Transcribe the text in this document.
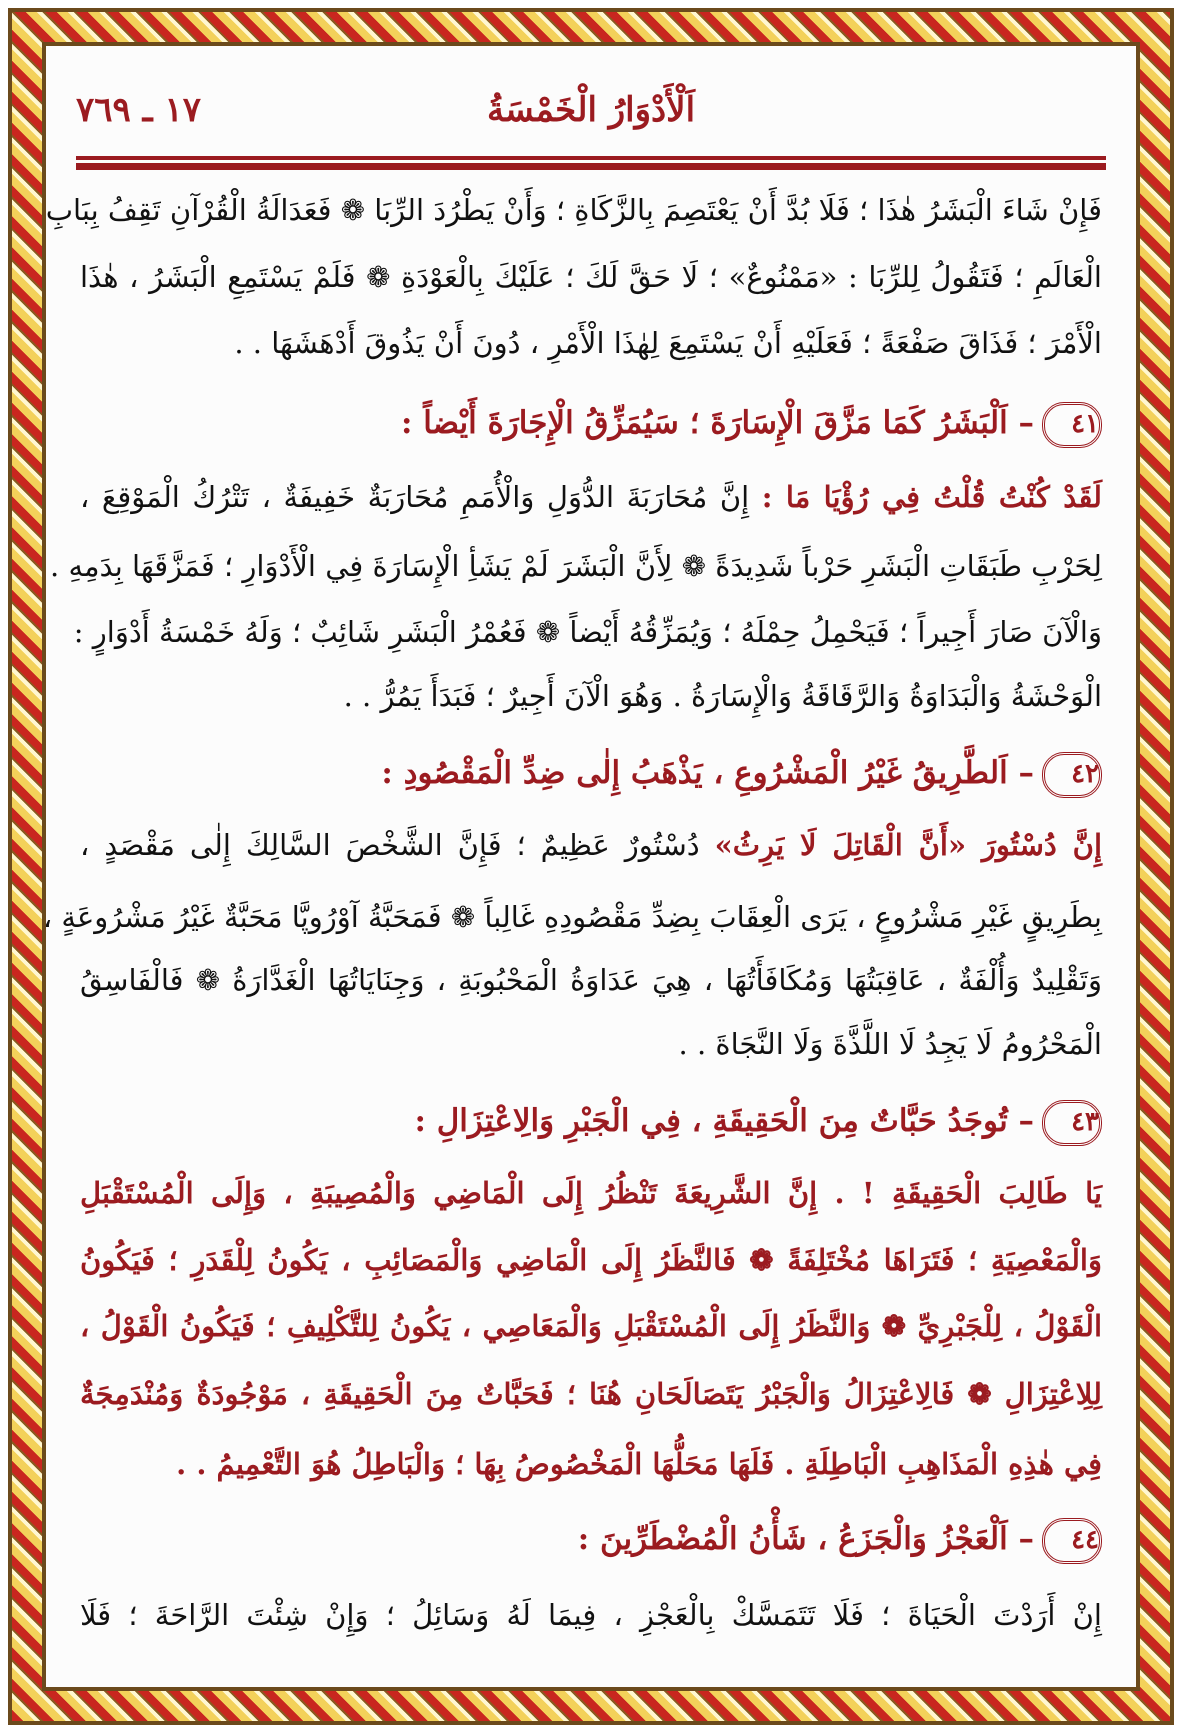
اَلْأَدْوَارُ الْخَمْسَةُ
١٧ ـ ٧٦٩
فَإِنْ شَاءَ الْبَشَرُ هٰذَا ؛ فَلَا بُدَّ أَنْ يَعْتَصِمَ بِالزَّكَاةِ ؛ وَأَنْ يَطْرُدَ الرِّبَا ❁ فَعَدَالَةُ الْقُرْآنِ تَقِفُ بِبَابِ
الْعَالَمِ ؛ فَتَقُولُ لِلرِّبَا : «مَمْنُوعٌ» ؛ لَا حَقَّ لَكَ ؛ عَلَيْكَ بِالْعَوْدَةِ ❁ فَلَمْ يَسْتَمِعِ الْبَشَرُ ، هٰذَا
الْأَمْرَ ؛ فَذَاقَ صَفْعَةً ؛ فَعَلَيْهِ أَنْ يَسْتَمِعَ لِهٰذَا الْأَمْرِ ، دُونَ أَنْ يَذُوقَ أَدْهَشَهَا . .
٤١– اَلْبَشَرُ كَمَا مَزَّقَ الْإِسَارَةَ ؛ سَيُمَزِّقُ الْإِجَارَةَ أَيْضاً :
لَقَدْ كُنْتُ قُلْتُ فِي رُؤْيَا مَا : إِنَّ مُحَارَبَةَ الدُّوَلِ وَالْأُمَمِ مُحَارَبَةٌ خَفِيفَةٌ ، تَتْرُكُ الْمَوْقِعَ ،
لِحَرْبِ طَبَقَاتِ الْبَشَرِ حَرْباً شَدِيدَةً ❁ لِأَنَّ الْبَشَرَ لَمْ يَشَأِ الْإِسَارَةَ فِي الْأَدْوَارِ ؛ فَمَزَّقَهَا بِدَمِهِ .
وَالْآنَ صَارَ أَجِيراً ؛ فَيَحْمِلُ حِمْلَهُ ؛ وَيُمَزِّقُهُ أَيْضاً ❁ فَعُمْرُ الْبَشَرِ شَائِبٌ ؛ وَلَهُ خَمْسَةُ أَدْوَارٍ :
الْوَحْشَةُ وَالْبَدَاوَةُ وَالرَّقَاقَةُ وَالْإِسَارَةُ . وَهُوَ الْآنَ أَجِيرٌ ؛ فَبَدَأَ يَمُرُّ . .
٤٢– اَلطَّرِيقُ غَيْرُ الْمَشْرُوعِ ، يَذْهَبُ إِلٰى ضِدِّ الْمَقْصُودِ :
إِنَّ دُسْتُورَ «أَنَّ الْقَاتِلَ لَا يَرِثُ» دُسْتُورٌ عَظِيمٌ ؛ فَإِنَّ الشَّخْصَ السَّالِكَ إِلٰى مَقْصَدٍ ،
بِطَرِيقٍ غَيْرِ مَشْرُوعٍ ، يَرَى الْعِقَابَ بِضِدِّ مَقْصُودِهِ غَالِباً ❁ فَمَحَبَّةُ آوْرُوپَّا مَحَبَّةٌ غَيْرُ مَشْرُوعَةٍ ،
وَتَقْلِيدٌ وَأُلْفَةٌ ، عَاقِبَتُهَا وَمُكَافَأَتُهَا ، هِيَ عَدَاوَةُ الْمَحْبُوبَةِ ، وَجِنَايَاتُهَا الْغَدَّارَةُ ❁ فَالْفَاسِقُ
الْمَحْرُومُ لَا يَجِدُ لَا اللَّذَّةَ وَلَا النَّجَاةَ . .
٤٣– تُوجَدُ حَبَّاتٌ مِنَ الْحَقِيقَةِ ، فِي الْجَبْرِ وَالِاعْتِزَالِ :
يَا طَالِبَ الْحَقِيقَةِ ! . إِنَّ الشَّرِيعَةَ تَنْظُرُ إِلَى الْمَاضِي وَالْمُصِيبَةِ ، وَإِلَى الْمُسْتَقْبَلِ
وَالْمَعْصِيَةِ ؛ فَتَرَاهَا مُخْتَلِفَةً ❁ فَالنَّظَرُ إِلَى الْمَاضِي وَالْمَصَائِبِ ، يَكُونُ لِلْقَدَرِ ؛ فَيَكُونُ
الْقَوْلُ ، لِلْجَبْرِيِّ ❁ وَالنَّظَرُ إِلَى الْمُسْتَقْبَلِ وَالْمَعَاصِي ، يَكُونُ لِلتَّكْلِيفِ ؛ فَيَكُونُ الْقَوْلُ ،
لِلِاعْتِزَالِ ❁ فَالِاعْتِزَالُ وَالْجَبْرُ يَتَصَالَحَانِ هُنَا ؛ فَحَبَّاتٌ مِنَ الْحَقِيقَةِ ، مَوْجُودَةٌ وَمُنْدَمِجَةٌ
فِي هٰذِهِ الْمَذَاهِبِ الْبَاطِلَةِ . فَلَهَا مَحَلُّهَا الْمَخْصُوصُ بِهَا ؛ وَالْبَاطِلُ هُوَ التَّعْمِيمُ . .
٤٤– اَلْعَجْزُ وَالْجَزَعُ ، شَأْنُ الْمُضْطَرِّينَ :
إِنْ أَرَدْتَ الْحَيَاةَ ؛ فَلَا تَتَمَسَّكْ بِالْعَجْزِ ، فِيمَا لَهُ وَسَائِلُ ؛ وَإِنْ شِئْتَ الرَّاحَةَ ؛ فَلَا
